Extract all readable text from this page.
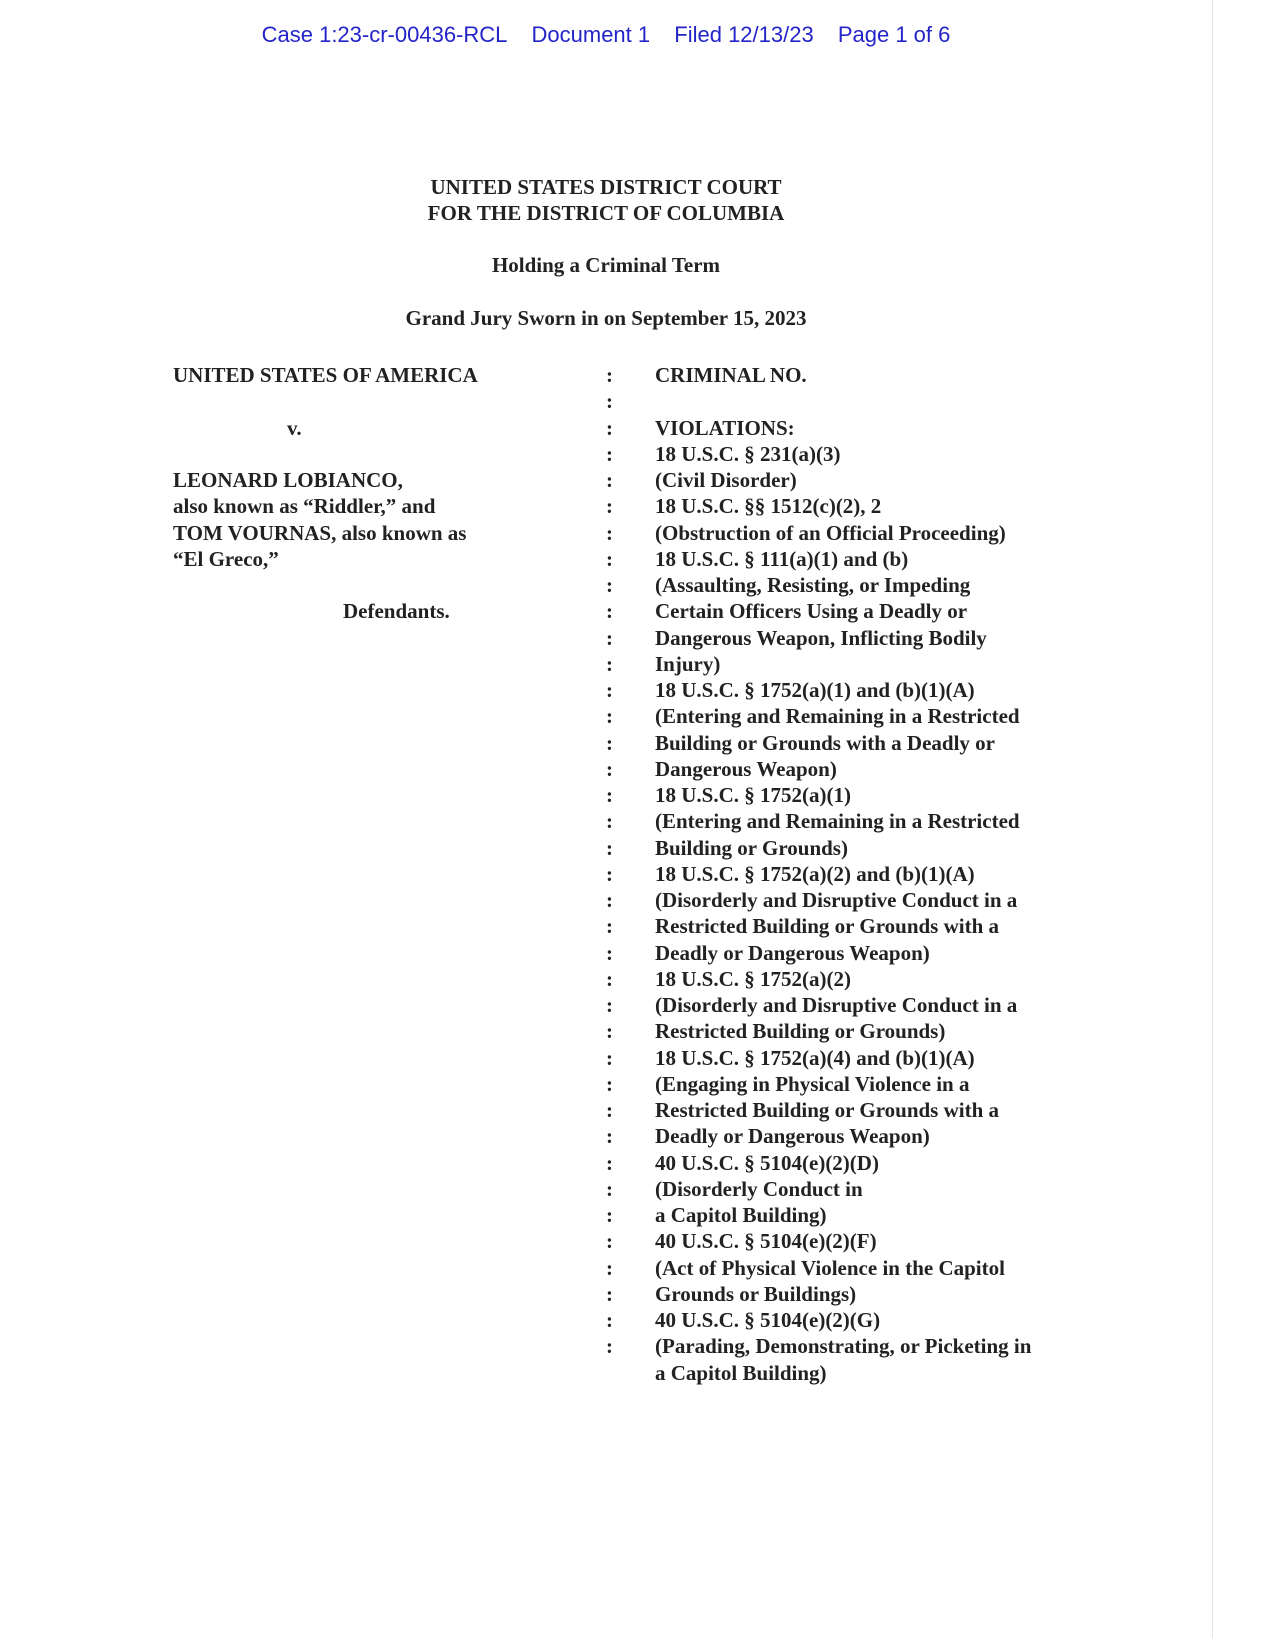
Case 1:23-cr-00436-RCL Document 1 Filed 12/13/23 Page 1 of 6
UNITED STATES DISTRICT COURT
FOR THE DISTRICT OF COLUMBIA
Holding a Criminal Term
Grand Jury Sworn in on September 15, 2023
UNITED STATES OF AMERICA
v.
LEONARD LOBIANCO,
also known as “Riddler,” and
TOM VOURNAS, also known as
“El Greco,”
Defendants.
:
:
:
:
:
:
:
:
:
:
:
:
:
:
:
:
:
:
:
:
:
:
:
:
:
:
:
:
:
:
:
:
:
:
:
:
:
:
CRIMINAL NO.
VIOLATIONS:
18 U.S.C. § 231(a)(3)
(Civil Disorder)
18 U.S.C. §§ 1512(c)(2), 2
(Obstruction of an Official Proceeding)
18 U.S.C. § 111(a)(1) and (b)
(Assaulting, Resisting, or Impeding
Certain Officers Using a Deadly or
Dangerous Weapon, Inflicting Bodily
Injury)
18 U.S.C. § 1752(a)(1) and (b)(1)(A)
(Entering and Remaining in a Restricted
Building or Grounds with a Deadly or
Dangerous Weapon)
18 U.S.C. § 1752(a)(1)
(Entering and Remaining in a Restricted
Building or Grounds)
18 U.S.C. § 1752(a)(2) and (b)(1)(A)
(Disorderly and Disruptive Conduct in a
Restricted Building or Grounds with a
Deadly or Dangerous Weapon)
18 U.S.C. § 1752(a)(2)
(Disorderly and Disruptive Conduct in a
Restricted Building or Grounds)
18 U.S.C. § 1752(a)(4) and (b)(1)(A)
(Engaging in Physical Violence in a
Restricted Building or Grounds with a
Deadly or Dangerous Weapon)
40 U.S.C. § 5104(e)(2)(D)
(Disorderly Conduct in
a Capitol Building)
40 U.S.C. § 5104(e)(2)(F)
(Act of Physical Violence in the Capitol
Grounds or Buildings)
40 U.S.C. § 5104(e)(2)(G)
(Parading, Demonstrating, or Picketing in
a Capitol Building)
